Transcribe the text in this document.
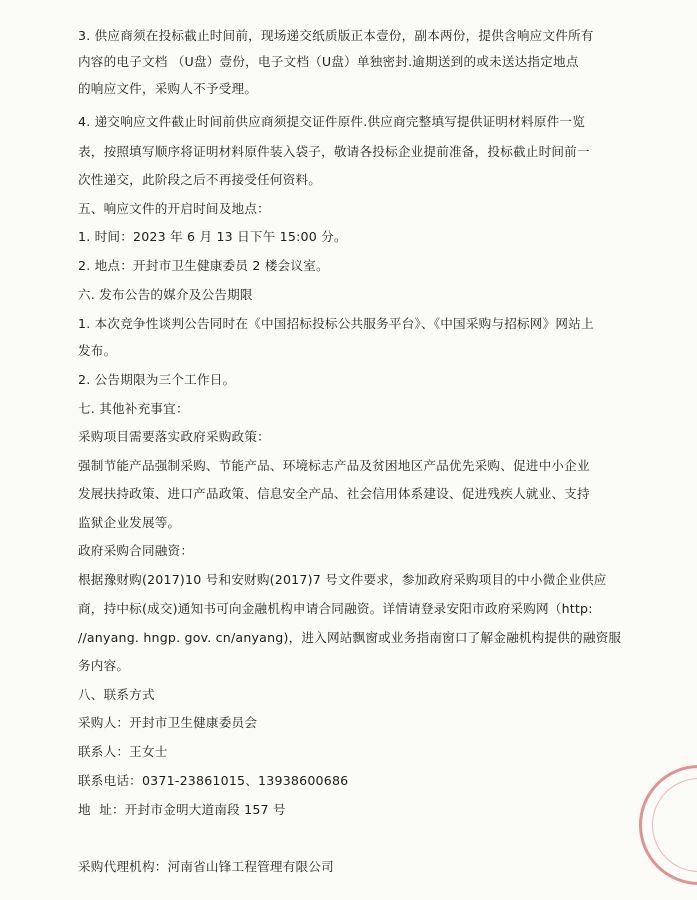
3. 供应商须在投标截止时间前，现场递交纸质版正本壹份，副本两份，提供含响应文件所有
内容的电子文档 （U盘）壹份，电子文档（U盘）单独密封.逾期送到的或未送达指定地点
的响应文件，采购人不予受理。
4. 递交响应文件截止时间前供应商须提交证件原件.供应商完整填写提供证明材料原件一览
表，按照填写顺序将证明材料原件装入袋子，敬请各投标企业提前准备，投标截止时间前一
次性递交，此阶段之后不再接受任何资料。
五、响应文件的开启时间及地点：
1. 时间：2023 年 6 月 13 日下午 15:00 分。
2. 地点：开封市卫生健康委员 2 楼会议室。
六. 发布公告的媒介及公告期限
1. 本次竞争性谈判公告同时在《中国招标投标公共服务平台》、《中国采购与招标网》网站上
发布。
2. 公告期限为三个工作日。
七. 其他补充事宜：
采购项目需要落实政府采购政策：
强制节能产品强制采购、节能产品、环境标志产品及贫困地区产品优先采购、促进中小企业
发展扶持政策、进口产品政策、信息安全产品、社会信用体系建设、促进残疾人就业、支持
监狱企业发展等。
政府采购合同融资：
根据豫财购(2017)10 号和安财购(2017)7 号文件要求，参加政府采购项目的中小微企业供应
商，持中标(成交)通知书可向金融机构申请合同融资。详情请登录安阳市政府采购网（http:
//anyang. hngp. gov. cn/anyang)，进入网站飘窗或业务指南窗口了解金融机构提供的融资服
务内容。
八、联系方式
采购人：开封市卫生健康委员会
联系人：王女士
联系电话：0371-23861015、13938600686
地  址：开封市金明大道南段 157 号
采购代理机构：河南省山锋工程管理有限公司
